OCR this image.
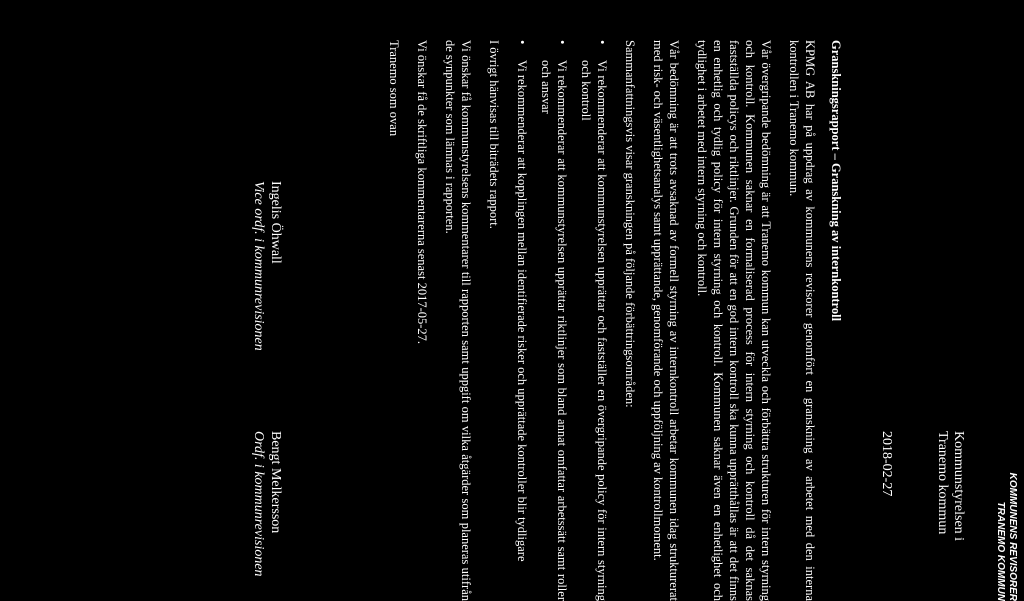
KOMMUNENS REVISORER
TRANEMO KOMMUN
Kommunstyrelsen i
Tranemo kommun
2018-02-27
Granskningsrapport – Granskning av internkontroll

KPMG AB har på uppdrag av kommunens revisorer genomfört en granskning av arbetet med den interna kontrollen i Tranemo kommun.

Vår övergripande bedömning är att Tranemo kommun kan utveckla och förbättra strukturen för intern styrning och kontroll. Kommunen saknar en formaliserad process för intern styrning och kontroll då det saknas fastställda policys och riktlinjer. Grunden för att en god intern kontroll ska kunna upprätthållas är att det finns en enhetlig och tydlig policy för intern styrning och kontroll. Kommunen saknar även en enhetlighet och tydlighet i arbetet med intern styrning och kontroll.

Vår bedömning är att trots avsaknad av formell styrning av internkontroll arbetar kommunen idag strukturerat med risk- och väsentlighetsanalys samt upprättande, genomförande och uppföljning av kontrollmoment.

Sammanfattningsvis visar granskningen på följande förbättringsområden:

•
Vi rekommenderar att kommunstyrelsen upprättar och fastställer en övergripande policy för intern styrning och kontroll
•
Vi rekommenderar att kommunstyrelsen upprättar riktlinjer som bland annat omfattar arbetssätt samt roller och ansvar
•
Vi rekommenderar att kopplingen mellan identifierade risker och upprättade kontroller blir tydligare

I övrigt hänvisas till biträdets rapport.

Vi önskar få kommunstyrelsens kommentarer till rapporten samt uppgift om vilka åtgärder som planeras utifrån de synpunkter som lämnas i rapporten.

Vi önskar få de skriftliga kommentarerna senast 2017-05-27.

Tranemo som ovan

Bengt Melkersson
Ordf. i kommunrevisionen
Ingelis Öhwall
Vice ordf. i kommunrevisionen
